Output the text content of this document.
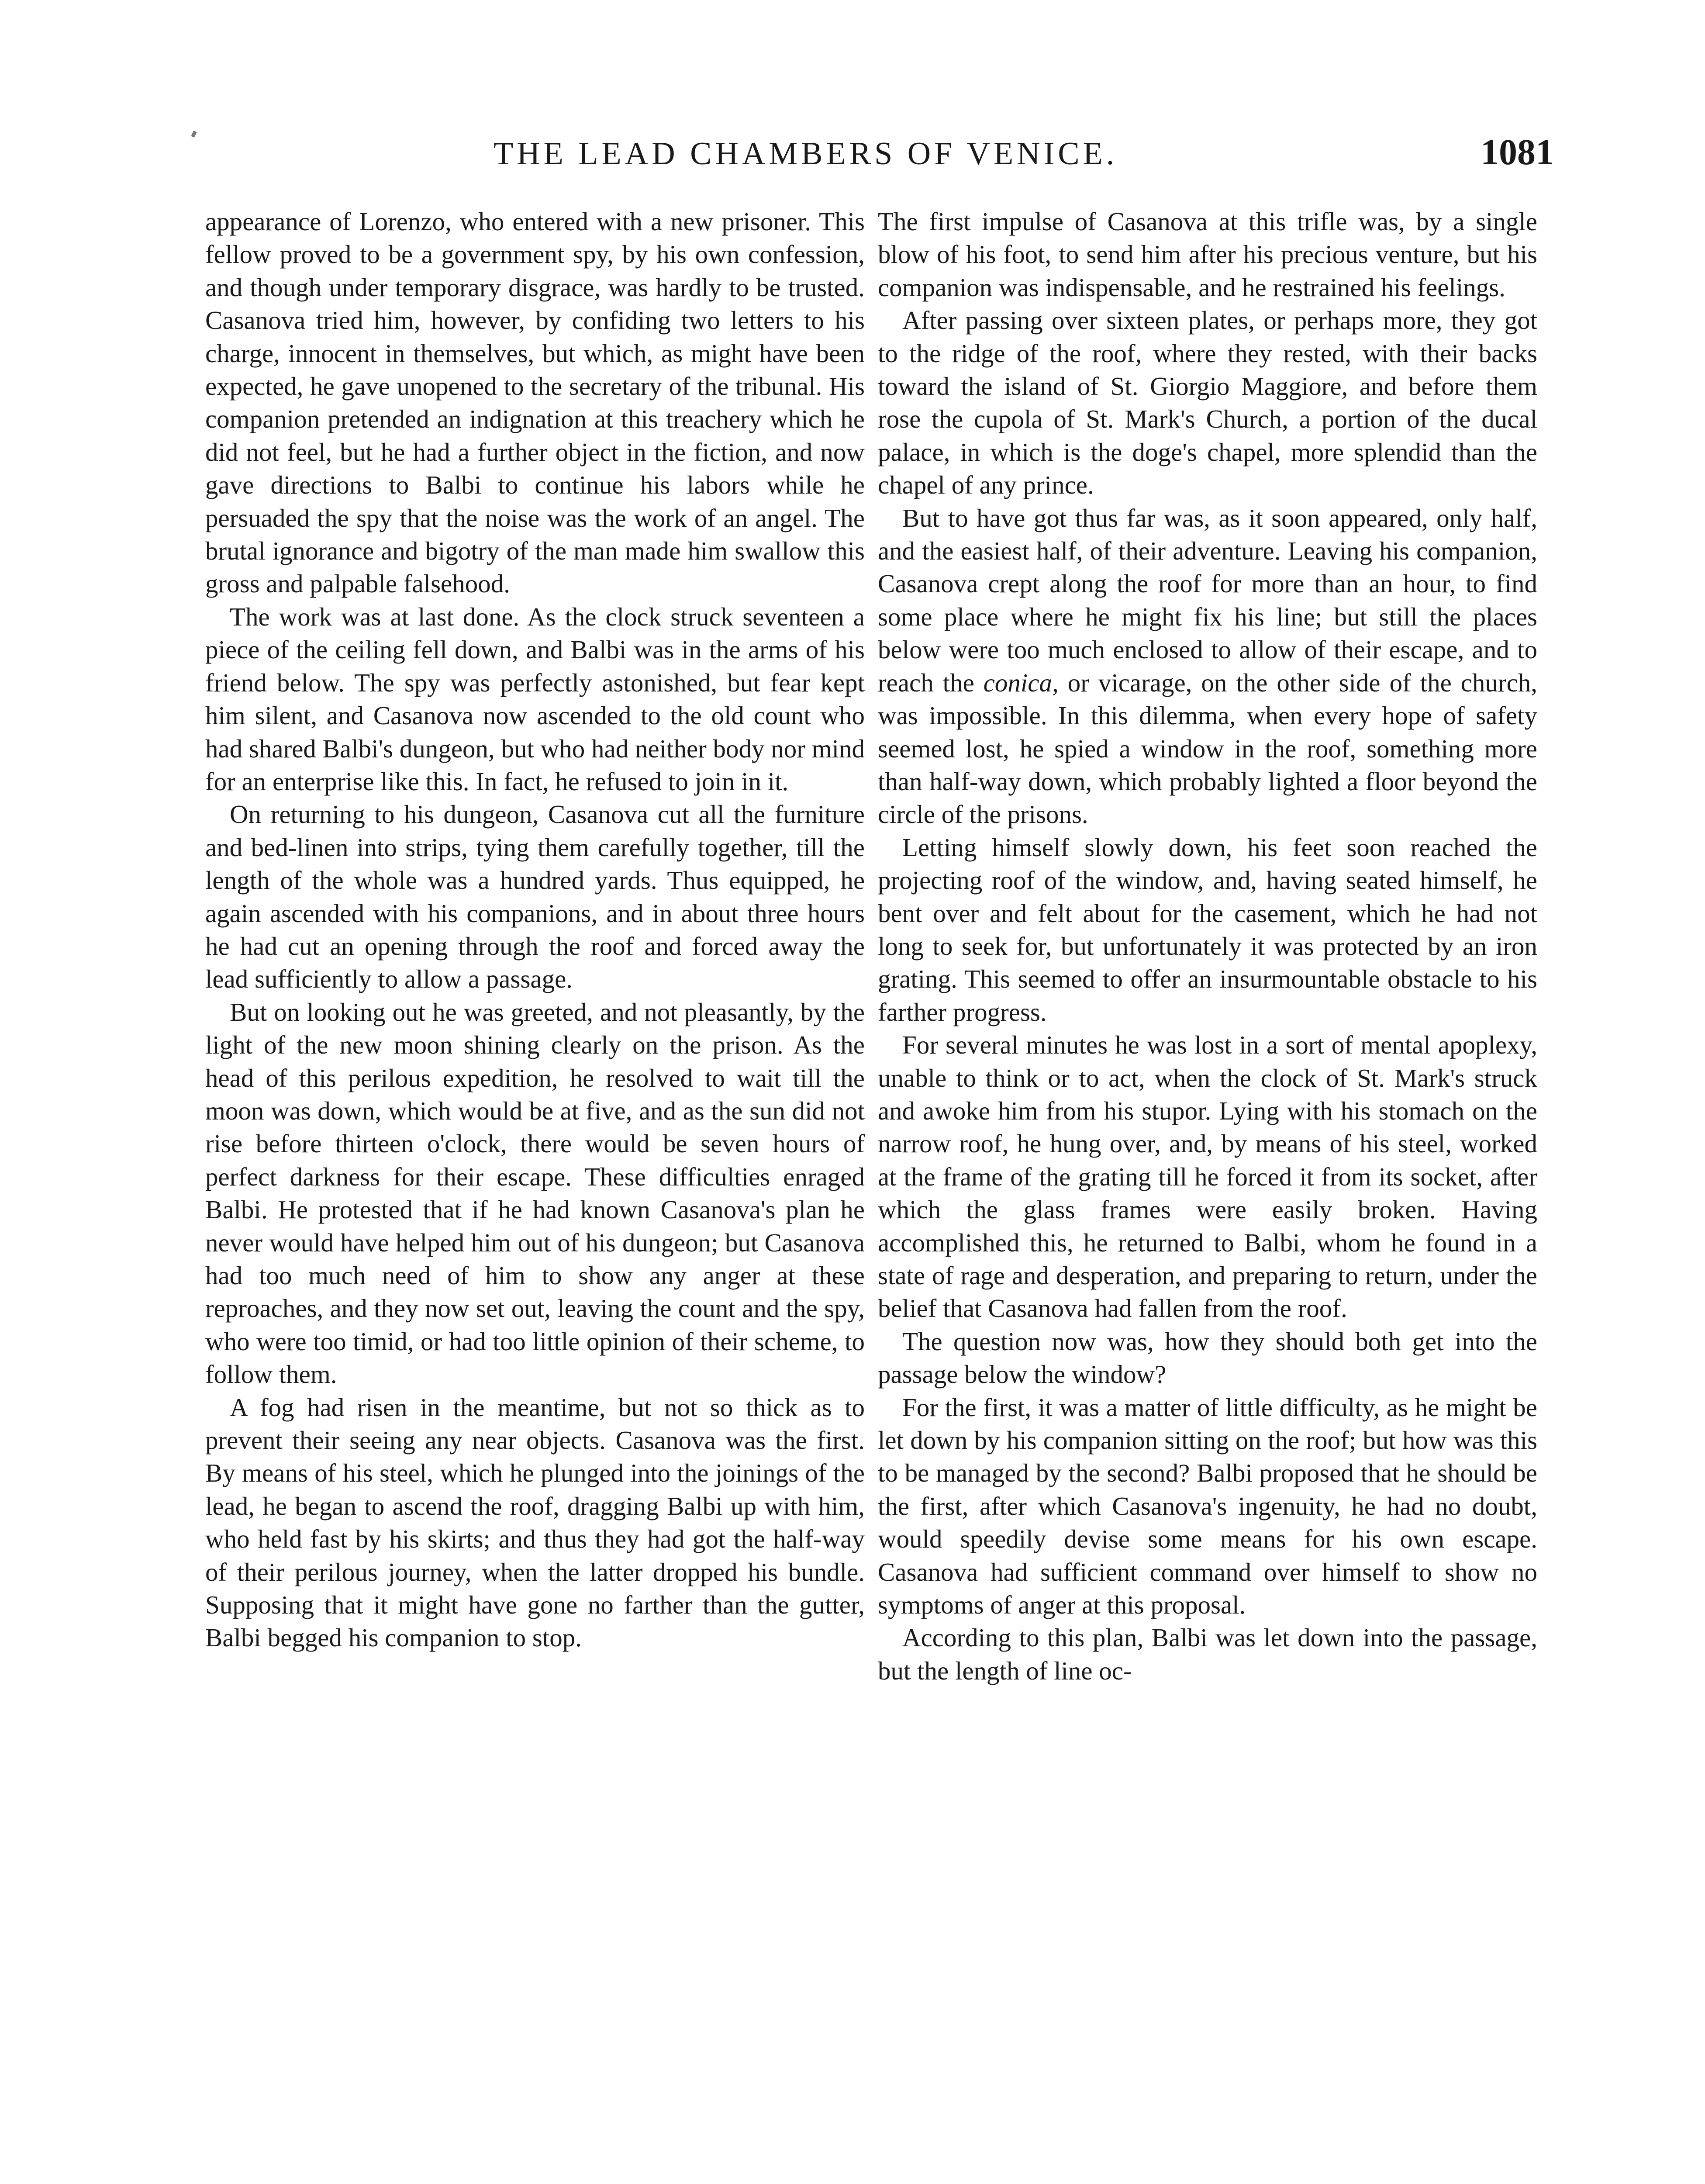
THE LEAD CHAMBERS OF VENICE.	1081

appearance of Lorenzo, who entered with a new prisoner. This fellow proved to be a government spy, by his own confession, and though under temporary disgrace, was hardly to be trusted. Casanova tried him, however, by confiding two letters to his charge, innocent in themselves, but which, as might have been expected, he gave unopened to the secretary of the tribunal. His companion pretended an indignation at this treachery which he did not feel, but he had a further object in the fiction, and now gave directions to Balbi to continue his labors while he persuaded the spy that the noise was the work of an angel. The brutal ignorance and bigotry of the man made him swallow this gross and palpable falsehood.

The work was at last done. As the clock struck seventeen a piece of the ceiling fell down, and Balbi was in the arms of his friend below. The spy was perfectly astonished, but fear kept him silent, and Casanova now ascended to the old count who had shared Balbi's dungeon, but who had neither body nor mind for an enterprise like this. In fact, he refused to join in it.

On returning to his dungeon, Casanova cut all the furniture and bed-linen into strips, tying them carefully together, till the length of the whole was a hundred yards. Thus equipped, he again ascended with his companions, and in about three hours he had cut an opening through the roof and forced away the lead sufficiently to allow a passage.

But on looking out he was greeted, and not pleasantly, by the light of the new moon shining clearly on the prison. As the head of this perilous expedition, he resolved to wait till the moon was down, which would be at five, and as the sun did not rise before thirteen o'clock, there would be seven hours of perfect darkness for their escape. These difficulties enraged Balbi. He protested that if he had known Casanova's plan he never would have helped him out of his dungeon; but Casanova had too much need of him to show any anger at these reproaches, and they now set out, leaving the count and the spy, who were too timid, or had too little opinion of their scheme, to follow them.

A fog had risen in the meantime, but not so thick as to prevent their seeing any near objects. Casanova was the first. By means of his steel, which he plunged into the joinings of the lead, he began to ascend the roof, dragging Balbi up with him, who held fast by his skirts; and thus they had got the half-way of their perilous journey, when the latter dropped his bundle. Supposing that it might have gone no farther than the gutter, Balbi begged his companion to stop.

The first impulse of Casanova at this trifle was, by a single blow of his foot, to send him after his precious venture, but his companion was indispensable, and he restrained his feelings.

After passing over sixteen plates, or perhaps more, they got to the ridge of the roof, where they rested, with their backs toward the island of St. Giorgio Maggiore, and before them rose the cupola of St. Mark's Church, a portion of the ducal palace, in which is the doge's chapel, more splendid than the chapel of any prince.

But to have got thus far was, as it soon appeared, only half, and the easiest half, of their adventure. Leaving his companion, Casanova crept along the roof for more than an hour, to find some place where he might fix his line; but still the places below were too much enclosed to allow of their escape, and to reach the conica, or vicarage, on the other side of the church, was impossible. In this dilemma, when every hope of safety seemed lost, he spied a window in the roof, something more than half-way down, which probably lighted a floor beyond the circle of the prisons.

Letting himself slowly down, his feet soon reached the projecting roof of the window, and, having seated himself, he bent over and felt about for the casement, which he had not long to seek for, but unfortunately it was protected by an iron grating. This seemed to offer an insurmountable obstacle to his farther progress.

For several minutes he was lost in a sort of mental apoplexy, unable to think or to act, when the clock of St. Mark's struck and awoke him from his stupor. Lying with his stomach on the narrow roof, he hung over, and, by means of his steel, worked at the frame of the grating till he forced it from its socket, after which the glass frames were easily broken. Having accomplished this, he returned to Balbi, whom he found in a state of rage and desperation, and preparing to return, under the belief that Casanova had fallen from the roof.

The question now was, how they should both get into the passage below the window?

For the first, it was a matter of little difficulty, as he might be let down by his companion sitting on the roof; but how was this to be managed by the second? Balbi proposed that he should be the first, after which Casanova's ingenuity, he had no doubt, would speedily devise some means for his own escape. Casanova had sufficient command over himself to show no symptoms of anger at this proposal.

According to this plan, Balbi was let down into the passage, but the length of line oc-
